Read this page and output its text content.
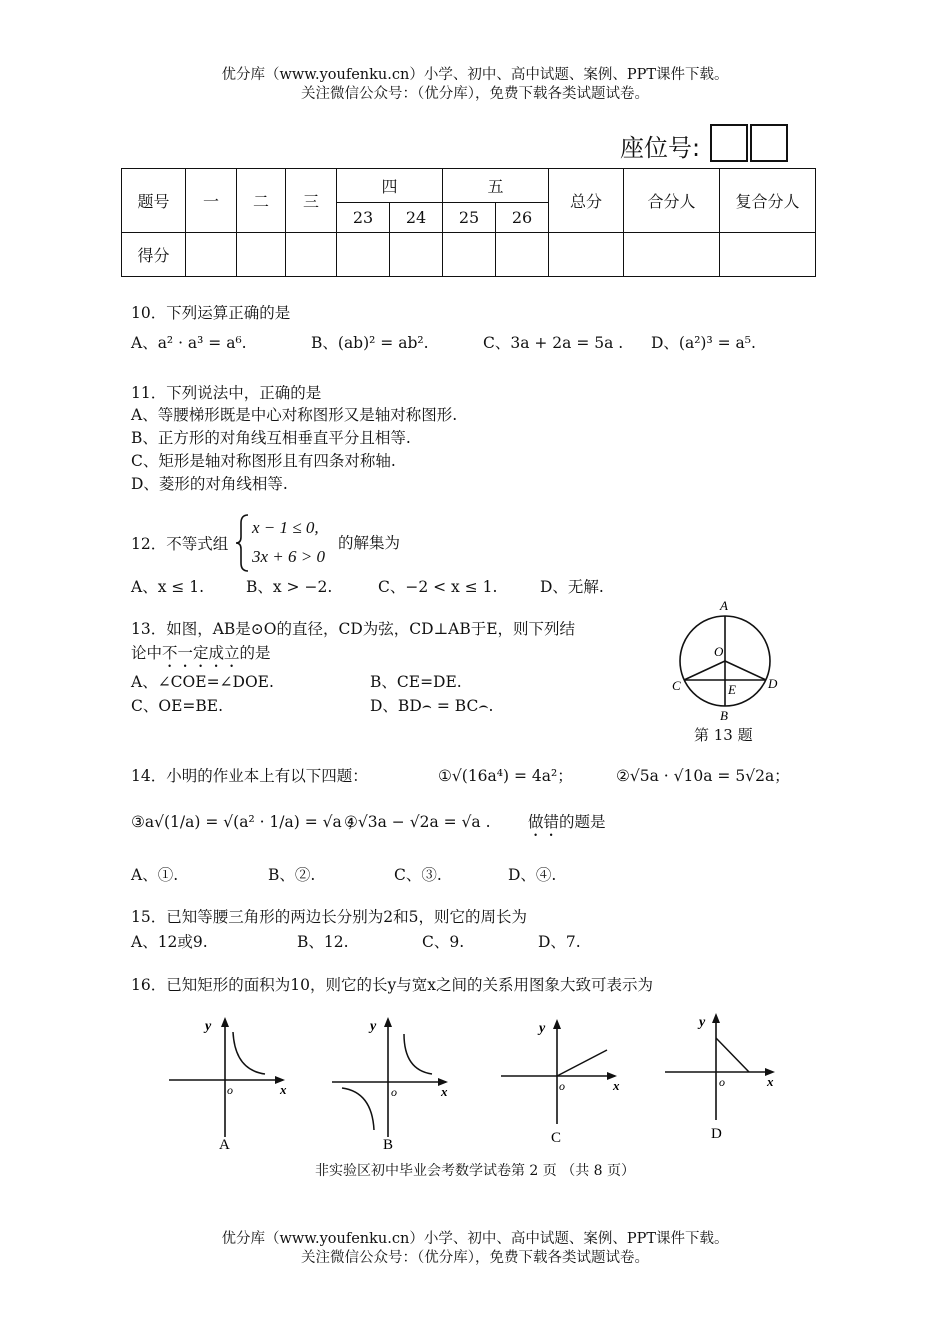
优分库（www.youfenku.cn）小学、初中、高中试题、案例、PPT课件下载。
关注微信公众号：（优分库），免费下载各类试题试卷。
座位号:
题号	一	二	三	四		五		总分	合分人	复合分人
				23	24	25	26			
得分										
10．下列运算正确的是
A、a² · a³ = a⁶.	B、(ab)² = ab².	C、3a + 2a = 5a . D、(a²)³ = a⁵.
11．下列说法中，正确的是
A、等腰梯形既是中心对称图形又是轴对称图形.
B、正方形的对角线互相垂直平分且相等.
C、矩形是轴对称图形且有四条对称轴.
D、菱形的对角线相等.
12．不等式组
x − 1 ≤ 0,
3x + 6 > 0
的解集为
A、x ≤ 1.	B、x > −2.	C、−2 < x ≤ 1.	D、无解.
13．如图，AB是⊙O的直径，CD为弦，CD⊥AB于E，则下列结
论中不一定成立的是
A、∠COE=∠DOE.	B、CE=DE.
C、OE=BE.	D、BD⌢ = BC⌢.
A
O
C	E D
B
第 13 题
14．小明的作业本上有以下四题：	①√(16a⁴) = 4a²；	②√5a · √10a = 5√2a；
③a√(1/a) = √(a² · 1/a) = √a ；
④√3a − √2a = √a . 做错的题是
A、①.	B、②.	C、③.	D、④.
15．已知等腰三角形的两边长分别为2和5，则它的周长为
A、12或9.	B、12.	C、9.	D、7.
16．已知矩形的面积为10，则它的长y与宽x之间的关系用图象大致可表示为
y
o	x
A
y
o	x
B
y
o	x
C
y
o	x
D
非实验区初中毕业会考数学试卷第 2 页 （共 8 页）
优分库（www.youfenku.cn）小学、初中、高中试题、案例、PPT课件下载。
关注微信公众号：（优分库），免费下载各类试题试卷。
